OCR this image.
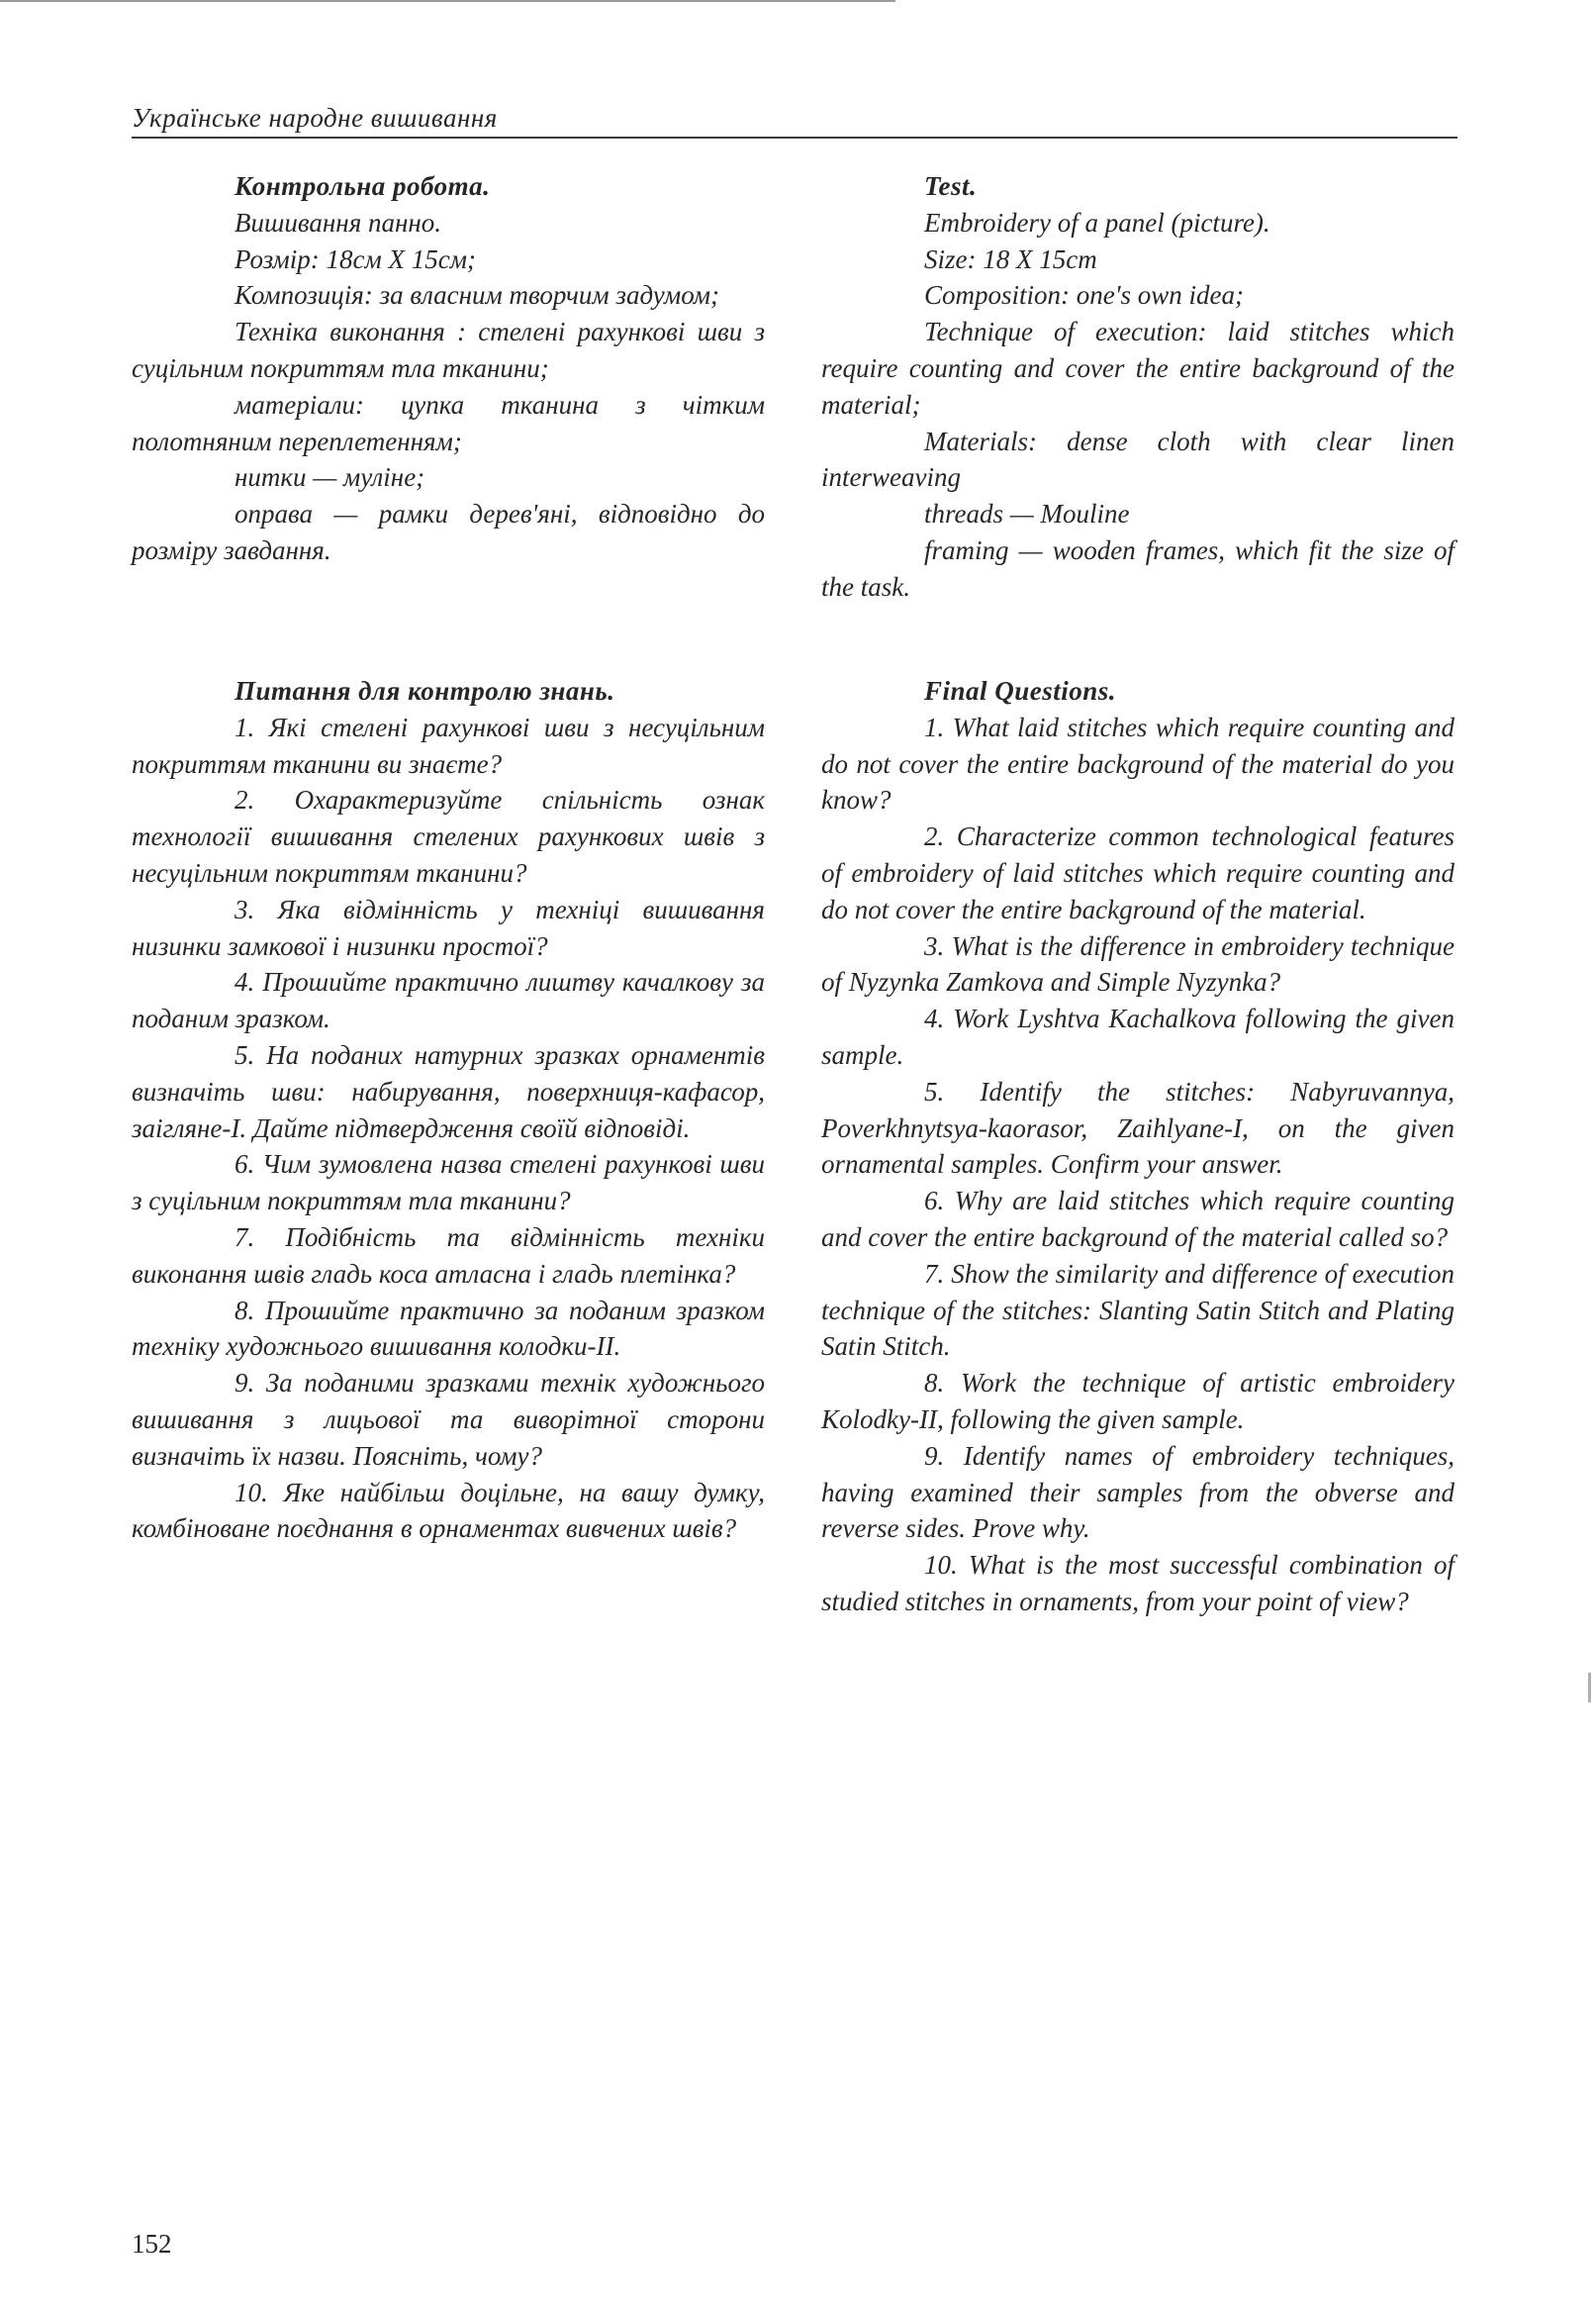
Українське народне вишивання
Контрольна робота.
Вишивання панно.
Розмір: 18см X 15см;
Композиція: за власним творчим задумом;
Техніка виконання : стелені рахункові шви з суцільним покриттям тла тканини;
матеріали: цупка тканина з чітким полотняним переплетенням;
нитки — муліне;
оправа — рамки дерев'яні, відповідно до розміру завдання.
Test.
Embroidery of a panel (picture).
Size: 18 X 15cm
Composition: one's own idea;
Technique of execution: laid stitches which require counting and cover the entire background of the material;
Materials: dense cloth with clear linen interweaving
threads — Mouline
framing — wooden frames, which fit the size of the task.
Питання для контролю знань.
1. Які стелені рахункові шви з несуцільним покриттям тканини ви знаєте?
2. Охарактеризуйте спільність ознак технології вишивання стелених рахункових швів з несуцільним покриттям тканини?
3. Яка відмінність у техніці вишивання низинки замкової і низинки простої?
4. Прошийте практично лиштву качалкову за поданим зразком.
5. На поданих натурних зразках орнаментів визначіть шви: набирування, поверхниця-кафасор, заігляне-І. Дайте підтвердження своїй відповіді.
6. Чим зумовлена назва стелені рахункові шви з суцільним покриттям тла тканини?
7. Подібність та відмінність техніки виконання швів гладь коса атласна і гладь плетінка?
8. Прошийте практично за поданим зразком техніку художнього вишивання колодки-ІІ.
9. За поданими зразками технік художнього вишивання з лицьової та виворітної сторони визначіть їх назви. Поясніть, чому?
10. Яке найбільш доцільне, на вашу думку, комбіноване поєднання в орнаментах вивчених швів?
Final Questions.
1. What laid stitches which require counting and do not cover the entire background of the material do you know?
2. Characterize common technological features of embroidery of laid stitches which require counting and do not cover the entire background of the material.
3. What is the difference in embroidery technique of Nyzynka Zamkova and Simple Nyzynka?
4. Work Lyshtva Kachalkova following the given sample.
5. Identify the stitches: Nabyruvannya, Poverkhnytsya-kaorasor, Zaihlyane-I, on the given ornamental samples. Confirm your answer.
6. Why are laid stitches which require counting and cover the entire background of the material called so?
7. Show the similarity and difference of execution technique of the stitches: Slanting Satin Stitch and Plating Satin Stitch.
8. Work the technique of artistic embroidery Kolodky-II, following the given sample.
9. Identify names of embroidery techniques, having examined their samples from the obverse and reverse sides. Prove why.
10. What is the most successful combination of studied stitches in ornaments, from your point of view?
152
